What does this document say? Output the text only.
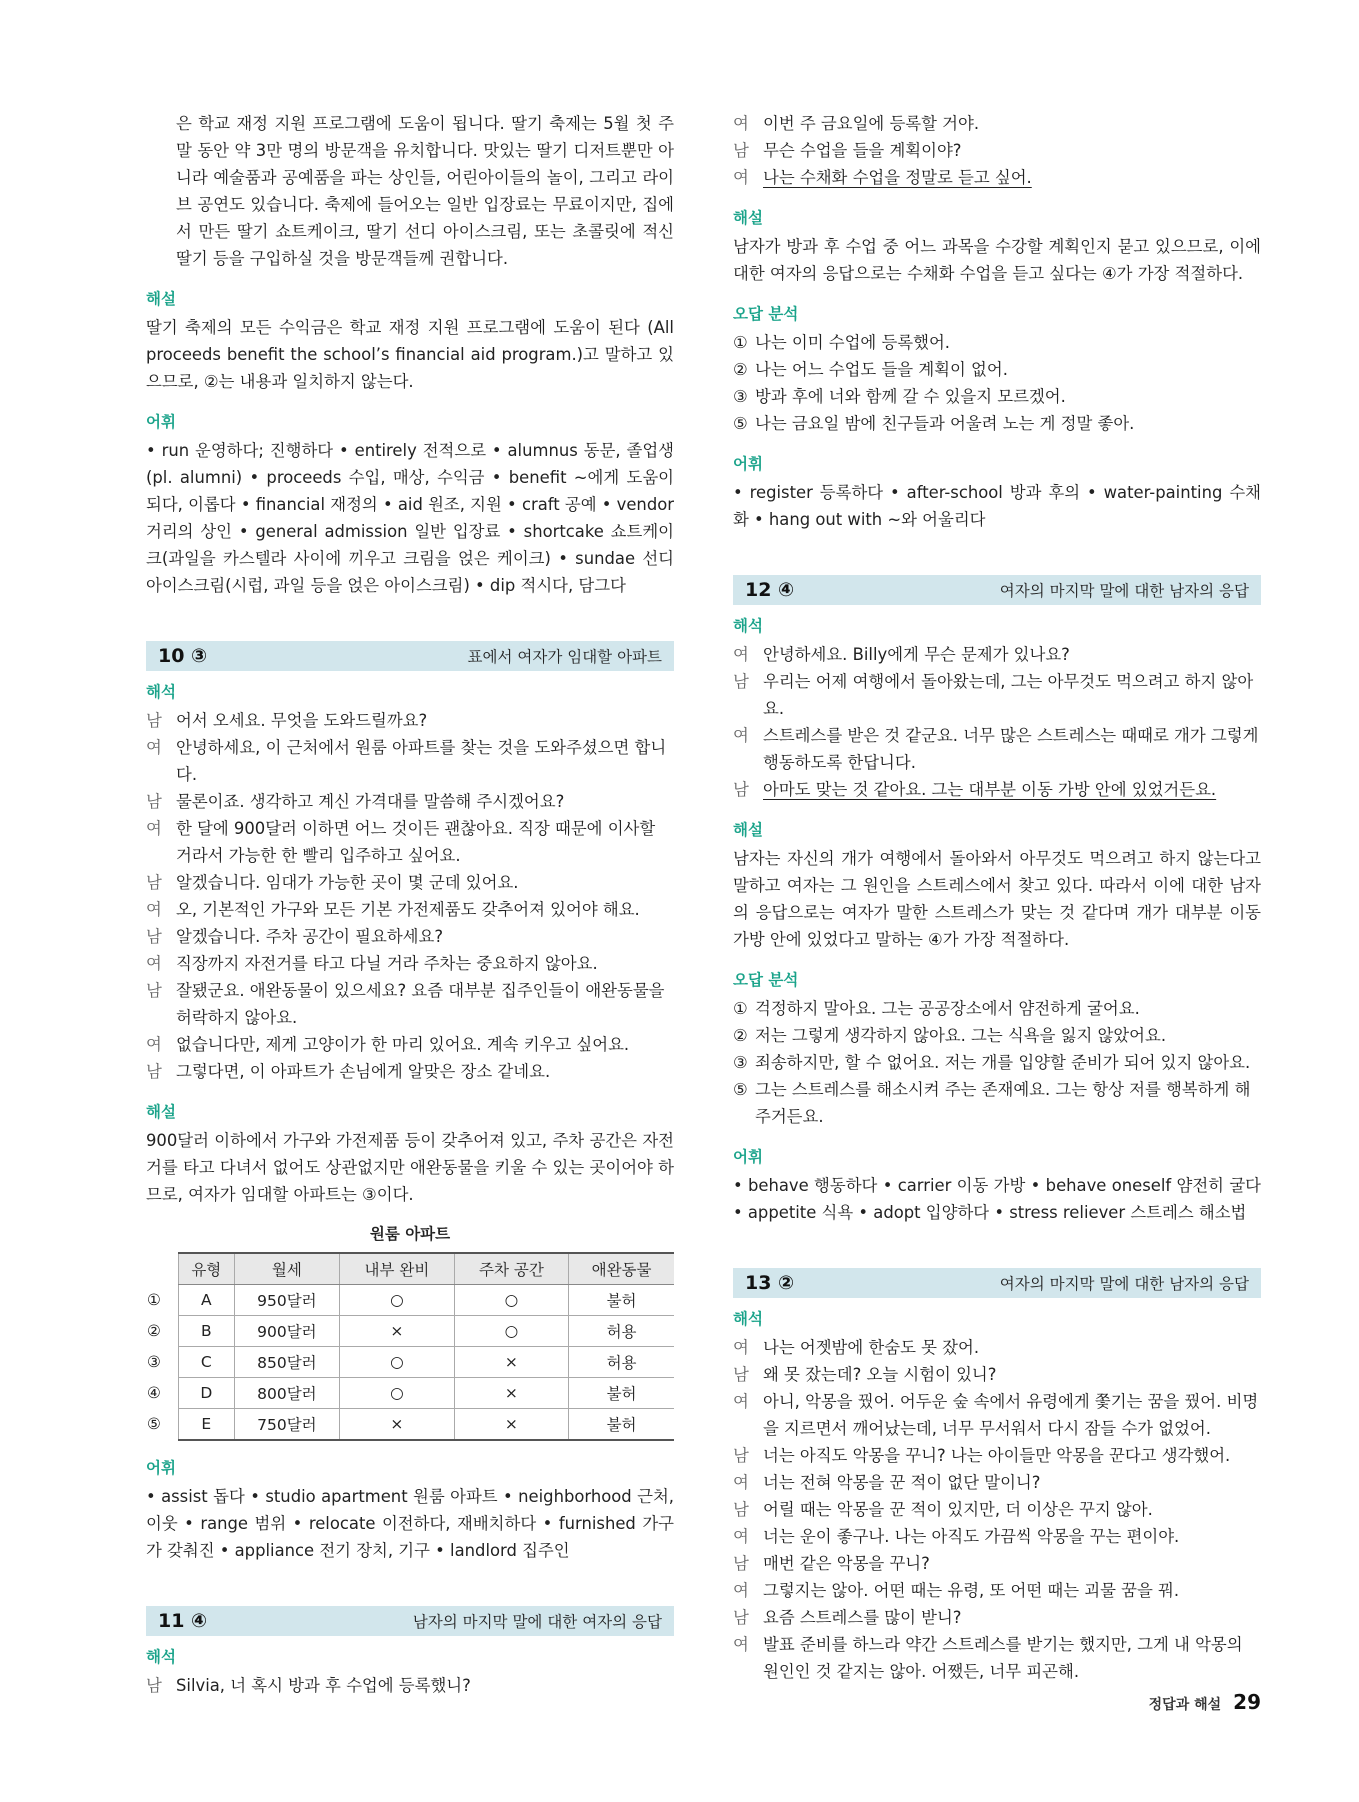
은 학교 재정 지원 프로그램에 도움이 됩니다. 딸기 축제는 5월 첫 주
말 동안 약 3만 명의 방문객을 유치합니다. 맛있는 딸기 디저트뿐만 아
니라 예술품과 공예품을 파는 상인들, 어린아이들의 놀이, 그리고 라이
브 공연도 있습니다. 축제에 들어오는 일반 입장료는 무료이지만, 집에
서 만든 딸기 쇼트케이크, 딸기 선디 아이스크림, 또는 초콜릿에 적신
딸기 등을 구입하실 것을 방문객들께 권합니다.
해설

딸기 축제의 모든 수익금은 학교 재정 지원 프로그램에 도움이 된다 (All proceeds benefit the school’s financial aid program.)고 말하고 있으므로, ②는 내용과 일치하지 않는다.

어휘

• run 운영하다; 진행하다 • entirely 전적으로 • alumnus 동문, 졸업생 (pl. alumni) • proceeds 수입, 매상, 수익금 • benefit ~에게 도움이 되다, 이롭다 • financial 재정의 • aid 원조, 지원 • craft 공예 • vendor 거리의 상인 • general admission 일반 입장료 • shortcake 쇼트케이크(과일을 카스텔라 사이에 끼우고 크림을 얹은 케이크) • sundae 선디 아이스크림(시럽, 과일 등을 얹은 아이스크림) • dip 적시다, 담그다

10 ③	표에서 여자가 임대할 아파트
해석
남 어서 오세요. 무엇을 도와드릴까요?
여 안녕하세요, 이 근처에서 원룸 아파트를 찾는 것을 도와주셨으면 합니다.
남 물론이죠. 생각하고 계신 가격대를 말씀해 주시겠어요?
여 한 달에 900달러 이하면 어느 것이든 괜찮아요. 직장 때문에 이사할 거라서 가능한 한 빨리 입주하고 싶어요.
남 알겠습니다. 임대가 가능한 곳이 몇 군데 있어요.
여 오, 기본적인 가구와 모든 기본 가전제품도 갖추어져 있어야 해요.
남 알겠습니다. 주차 공간이 필요하세요?
여 직장까지 자전거를 타고 다닐 거라 주차는 중요하지 않아요.
남 잘됐군요. 애완동물이 있으세요? 요즘 대부분 집주인들이 애완동물을 허락하지 않아요.
여 없습니다만, 제게 고양이가 한 마리 있어요. 계속 키우고 싶어요.
남 그렇다면, 이 아파트가 손님에게 알맞은 장소 같네요.
해설

900달러 이하에서 가구와 가전제품 등이 갖추어져 있고, 주차 공간은 자전거를 타고 다녀서 없어도 상관없지만 애완동물을 키울 수 있는 곳이어야 하므로, 여자가 임대할 아파트는 ③이다.

원룸 아파트
	유형	월세	내부 완비	주차 공간	애완동물
①	A	950달러	○	○	불허
②	B	900달러	×	○	허용
③	C	850달러	○	×	허용
④	D	800달러	○	×	불허
⑤	E	750달러	×	×	불허
어휘

• assist 돕다 • studio apartment 원룸 아파트 • neighborhood 근처, 이웃 • range 범위 • relocate 이전하다, 재배치하다 • furnished 가구가 갖춰진 • appliance 전기 장치, 기구 • landlord 집주인

11 ④	남자의 마지막 말에 대한 여자의 응답
해석
남 Silvia, 너 혹시 방과 후 수업에 등록했니?
여 이번 주 금요일에 등록할 거야.
남 무슨 수업을 들을 계획이야?
여 나는 수채화 수업을 정말로 듣고 싶어.
해설

남자가 방과 후 수업 중 어느 과목을 수강할 계획인지 묻고 있으므로, 이에 대한 여자의 응답으로는 수채화 수업을 듣고 싶다는 ④가 가장 적절하다.

오답 분석
① 나는 이미 수업에 등록했어.
② 나는 어느 수업도 들을 계획이 없어.
③ 방과 후에 너와 함께 갈 수 있을지 모르겠어.
⑤ 나는 금요일 밤에 친구들과 어울려 노는 게 정말 좋아.
어휘

• register 등록하다 • after-school 방과 후의 • water-painting 수채화 • hang out with ~와 어울리다

12 ④	여자의 마지막 말에 대한 남자의 응답
해석
여 안녕하세요. Billy에게 무슨 문제가 있나요?
남 우리는 어제 여행에서 돌아왔는데, 그는 아무것도 먹으려고 하지 않아요.
여 스트레스를 받은 것 같군요. 너무 많은 스트레스는 때때로 개가 그렇게 행동하도록 한답니다.
남 아마도 맞는 것 같아요. 그는 대부분 이동 가방 안에 있었거든요.
해설

남자는 자신의 개가 여행에서 돌아와서 아무것도 먹으려고 하지 않는다고 말하고 여자는 그 원인을 스트레스에서 찾고 있다. 따라서 이에 대한 남자의 응답으로는 여자가 말한 스트레스가 맞는 것 같다며 개가 대부분 이동 가방 안에 있었다고 말하는 ④가 가장 적절하다.

오답 분석
① 걱정하지 말아요. 그는 공공장소에서 얌전하게 굴어요.
② 저는 그렇게 생각하지 않아요. 그는 식욕을 잃지 않았어요.
③ 죄송하지만, 할 수 없어요. 저는 개를 입양할 준비가 되어 있지 않아요.
⑤ 그는 스트레스를 해소시켜 주는 존재예요. 그는 항상 저를 행복하게 해 주거든요.
어휘

• behave 행동하다 • carrier 이동 가방 • behave oneself 얌전히 굴다 • appetite 식욕 • adopt 입양하다 • stress reliever 스트레스 해소법

13 ②	여자의 마지막 말에 대한 남자의 응답
해석
여 나는 어젯밤에 한숨도 못 잤어.
남 왜 못 잤는데? 오늘 시험이 있니?
여 아니, 악몽을 꿨어. 어두운 숲 속에서 유령에게 쫓기는 꿈을 꿨어. 비명을 지르면서 깨어났는데, 너무 무서워서 다시 잠들 수가 없었어.
남 너는 아직도 악몽을 꾸니? 나는 아이들만 악몽을 꾼다고 생각했어.
여 너는 전혀 악몽을 꾼 적이 없단 말이니?
남 어릴 때는 악몽을 꾼 적이 있지만, 더 이상은 꾸지 않아.
여 너는 운이 좋구나. 나는 아직도 가끔씩 악몽을 꾸는 편이야.
남 매번 같은 악몽을 꾸니?
여 그렇지는 않아. 어떤 때는 유령, 또 어떤 때는 괴물 꿈을 꿔.
남 요즘 스트레스를 많이 받니?
여 발표 준비를 하느라 약간 스트레스를 받기는 했지만, 그게 내 악몽의 원인인 것 같지는 않아. 어쨌든, 너무 피곤해.
정답과 해설 29
